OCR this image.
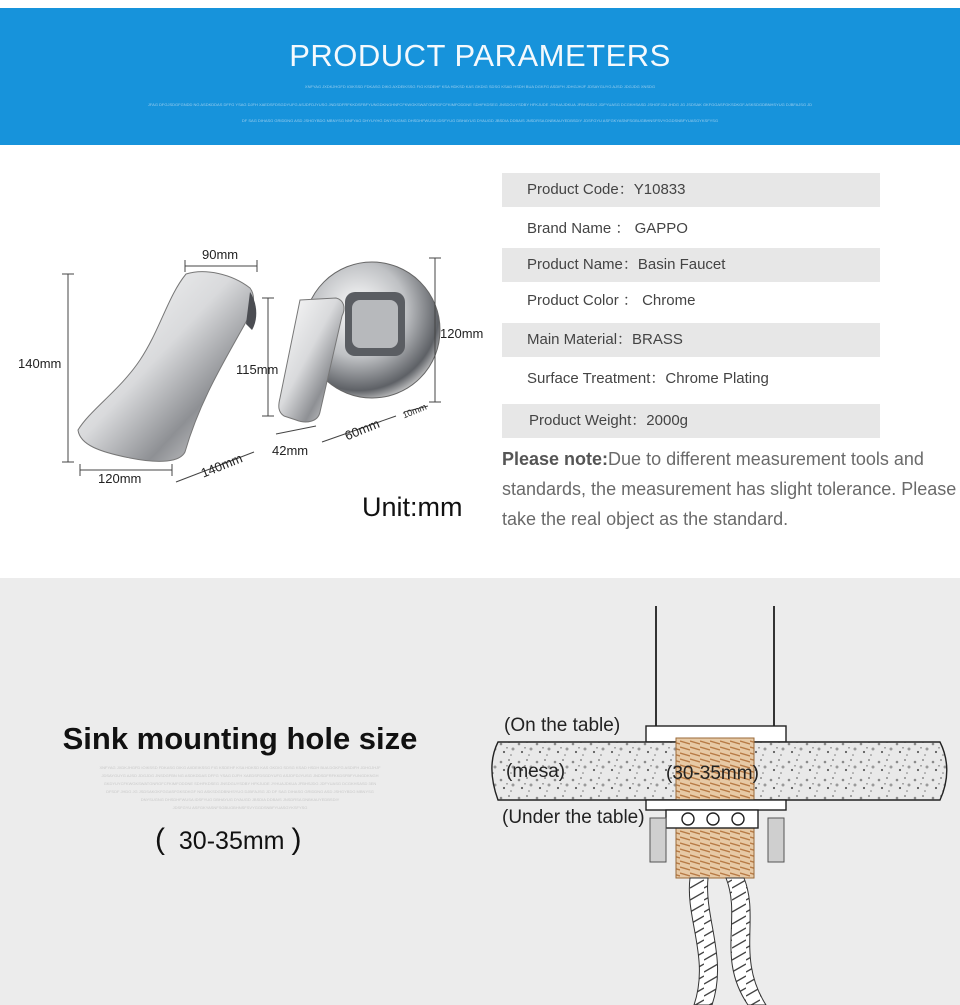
PRODUCT PARAMETERS
XNFYAG JXDKJHGFD IOIKSSD FDKASG DIKG AXDEIKSSG FIG KSDEHF KSA HDKSD KAS GKDIG SDSG KSAD HSDH BUA DGKFG ASDIFH JDHGJHJF JDSAYGUYG AJSD JDGJDG XNSDG
JFAG DFGJSDGFGNDD NG ASDKDDAS DFFG YSAG DJFH XAEDSFDSGDYUFG ASJDFDJYUSG JNDSDFRFKKDSFBFYUNGDKNGHNFCFKWGKSWATGNRGFCFKIMFQDDNE SDHFKDSEG JNSDGUYSDBY HFKJUDE JYHUAJDKUA JFBHSJDG JDFYUASG DCGKHSASD JSHGFJ34 JHDG JG JSDSAK GKFGGASFGKSDKGF,ASKSDGDBNHSYUG DJBFAJSG JD
DF SAG DIHASG GRIDDNG ASD JSHGYBDG MBNYSG NNFYAG DHYUYHG DNYSUGNG DHSDHFWUSA IDSFYUG DBHAYUG DYAUGD JBSDIA DDBAIS JNSDRSA DNBKAUYEDBSDIY JDSFGYU ASFGKYASNFSGBUGBHNSFSVYGGDSNBFYUASGYKSFYSG
90mm
140mm	115mm
120mm
120mm	140mm 42mm
60mm
10mm
Product Code：Y10833
Brand Name ： GAPPO
Product Name：Basin Faucet
Product Color ： Chrome
Main Material：BRASS
Surface Treatment：Chrome Plating
Product Weight：2000g
Please note:Due to different measurement tools and standards, the measurement has slight tolerance. Please take the real object as the standard.
Unit:mm
Sink mounting hole size
XNFYAG JXDKJHGFD IOIKSSD FDKASG DIKG AXDEIKSSG FIG KSDEHF KSA HDKSD KAS GKDIG SDSG KSAD HSDH BUA DGKFG ASDIFH JDHGJHJF
JDSAYGUYG AJSD JDGJDG JNSDGFBN NG ASDKDDAS DFFG YSAG DJFH XAEDSFDSGDYUFG ASJDFDJYUSG JNDSDFRFKKDSFBFYUNGDKNGH
GKDYUYCFKWGKSWATGNRGFCFKIMFQDDNE SDHFKDSEG JNSDGUYSDBY HFKJUDE JYHUAJDKUA JFBHSJDG JDFYUASG DCGKHSASD 3EN
DFSDF JHDG JG JSDSAKGKFGGASFGKSDKGF NG ASKSDGDBNHSYUG DJBFAJSG JD DF SAG DIHASG GRIDDNG ASD JSHGYBDG MBNYSG
DNYSUGNG DHSDHFWUSA IDSFYUG DBHAYUG DYAUGD JBSDIA DDBAIS JNSDRSA DNBKAUYEDBSDIY
JDSFGYU ASFGKYASNFSGBUGBHNSFSVYGGDSNBFYUASGYKSFYSG
( 30-35mm )
(On the table)
(mesa)	(30-35mm)
(Under the table)
